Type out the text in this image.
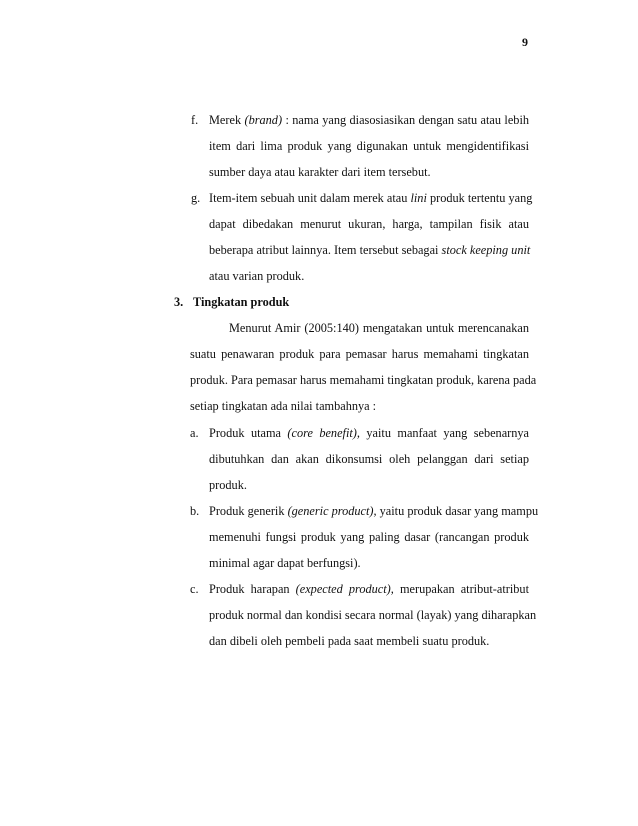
9
f. Merek (brand) : nama yang diasosiasikan dengan satu atau lebih
item dari lima produk yang digunakan untuk mengidentifikasi
sumber daya atau karakter dari item tersebut.
g. Item-item sebuah unit dalam merek atau lini produk tertentu yang
dapat dibedakan menurut ukuran, harga, tampilan fisik atau
beberapa atribut lainnya. Item tersebut sebagai stock keeping unit
atau varian produk.
3. Tingkatan produk
Menurut Amir (2005:140) mengatakan untuk merencanakan
suatu penawaran produk para pemasar harus memahami tingkatan
produk. Para pemasar harus memahami tingkatan produk, karena pada
setiap tingkatan ada nilai tambahnya :
a. Produk utama (core benefit), yaitu manfaat yang sebenarnya
dibutuhkan dan akan dikonsumsi oleh pelanggan dari setiap
produk.
b. Produk generik (generic product), yaitu produk dasar yang mampu
memenuhi fungsi produk yang paling dasar (rancangan produk
minimal agar dapat berfungsi).
c. Produk harapan (expected product), merupakan atribut-atribut
produk normal dan kondisi secara normal (layak) yang diharapkan
dan dibeli oleh pembeli pada saat membeli suatu produk.
